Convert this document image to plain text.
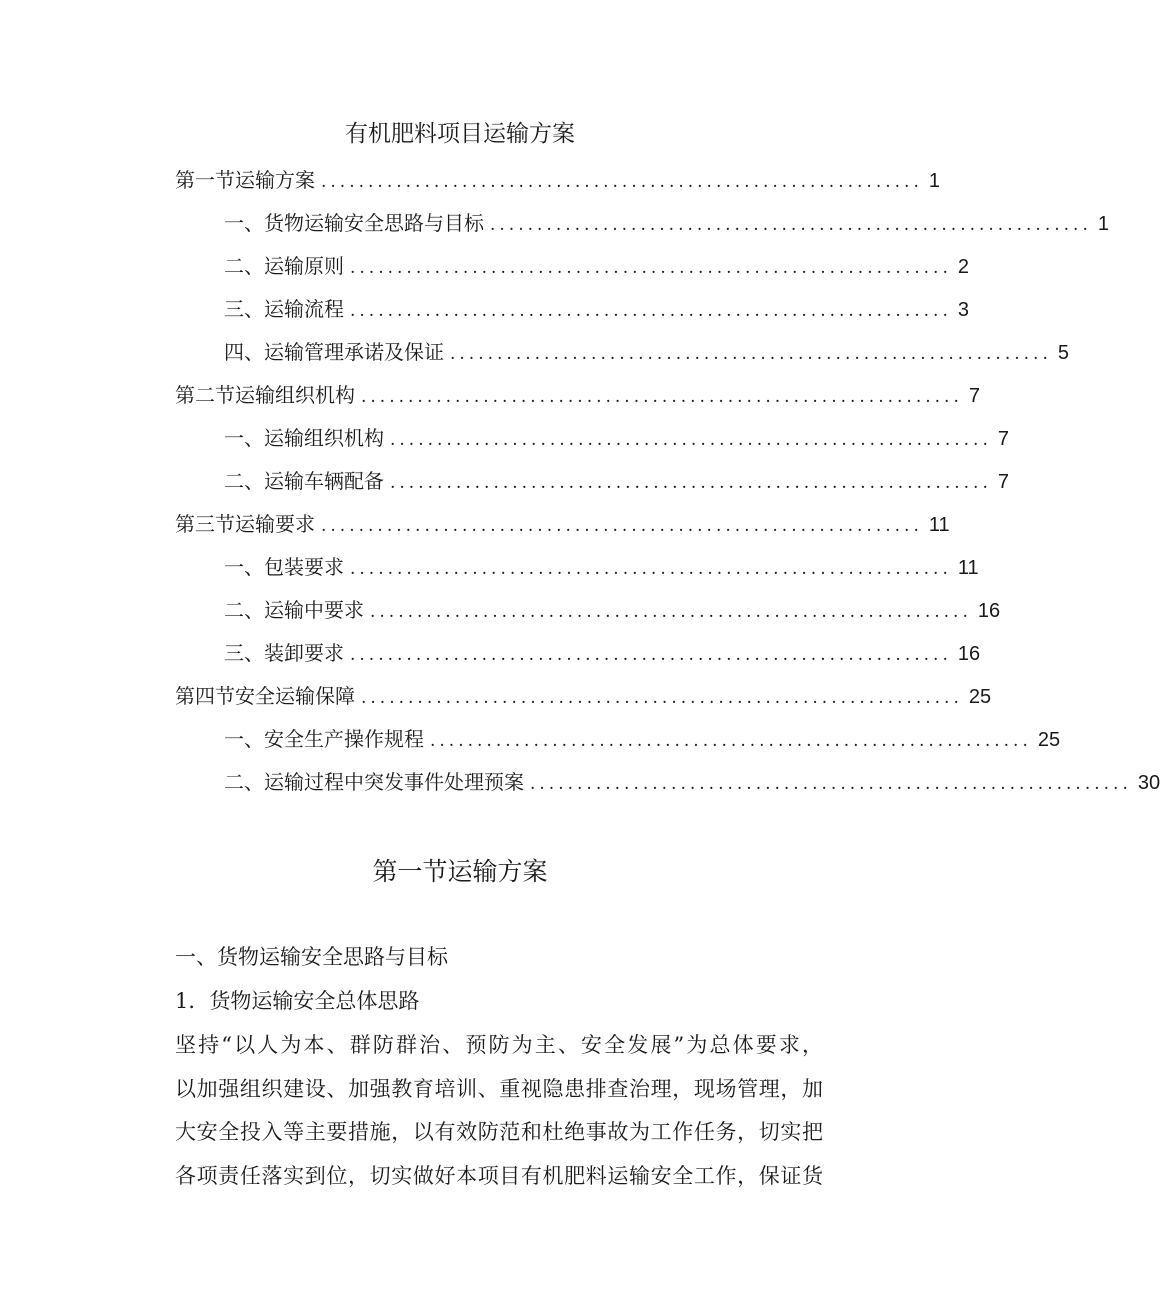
有机肥料项目运输方案
第一节运输方案 ................................................................ 1
一、货物运输安全思路与目标 ................................................................ 1
二、运输原则 ................................................................ 2
三、运输流程 ................................................................ 3
四、运输管理承诺及保证 ................................................................ 5
第二节运输组织机构 ................................................................ 7
一、运输组织机构 ................................................................ 7
二、运输车辆配备 ................................................................ 7
第三节运输要求 ................................................................ 11
一、包装要求 ................................................................ 11
二、运输中要求 ................................................................ 16
三、装卸要求 ................................................................ 16
第四节安全运输保障 ................................................................ 25
一、安全生产操作规程 ................................................................ 25
二、运输过程中突发事件处理预案 ................................................................ 30
第一节运输方案
一、货物运输安全思路与目标
1．货物运输安全总体思路
坚持“以人为本、群防群治、预防为主、安全发展”为总体要求，
以加强组织建设、加强教育培训、重视隐患排查治理，现场管理，加
大安全投入等主要措施，以有效防范和杜绝事故为工作任务，切实把
各项责任落实到位，切实做好本项目有机肥料运输安全工作，保证货
